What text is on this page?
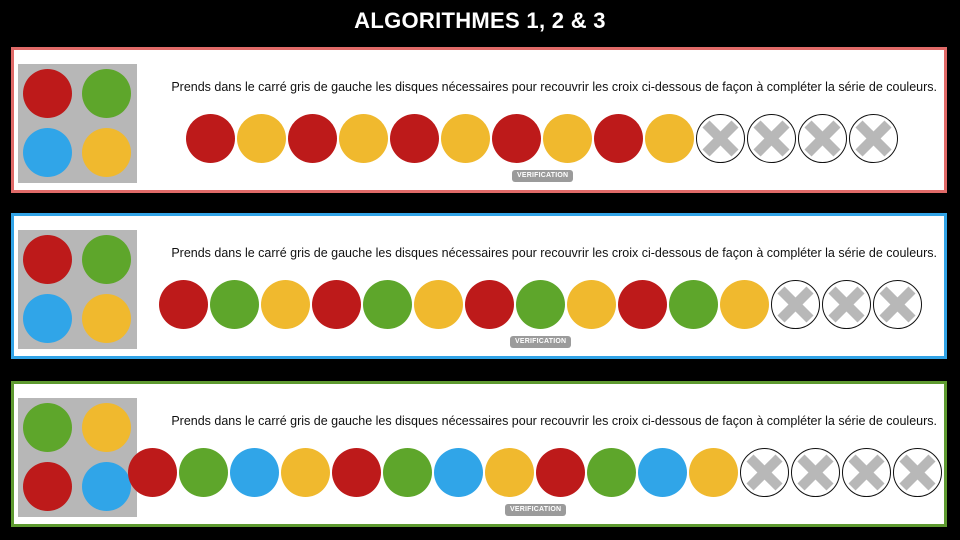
ALGORITHMES 1, 2 & 3
Prends dans le carré gris de gauche les disques nécessaires pour recouvrir les croix ci-dessous de façon à compléter la série de couleurs.
VERIFICATION
Prends dans le carré gris de gauche les disques nécessaires pour recouvrir les croix ci-dessous de façon à compléter la série de couleurs.
VERIFICATION
Prends dans le carré gris de gauche les disques nécessaires pour recouvrir les croix ci-dessous de façon à compléter la série de couleurs.
VERIFICATION
